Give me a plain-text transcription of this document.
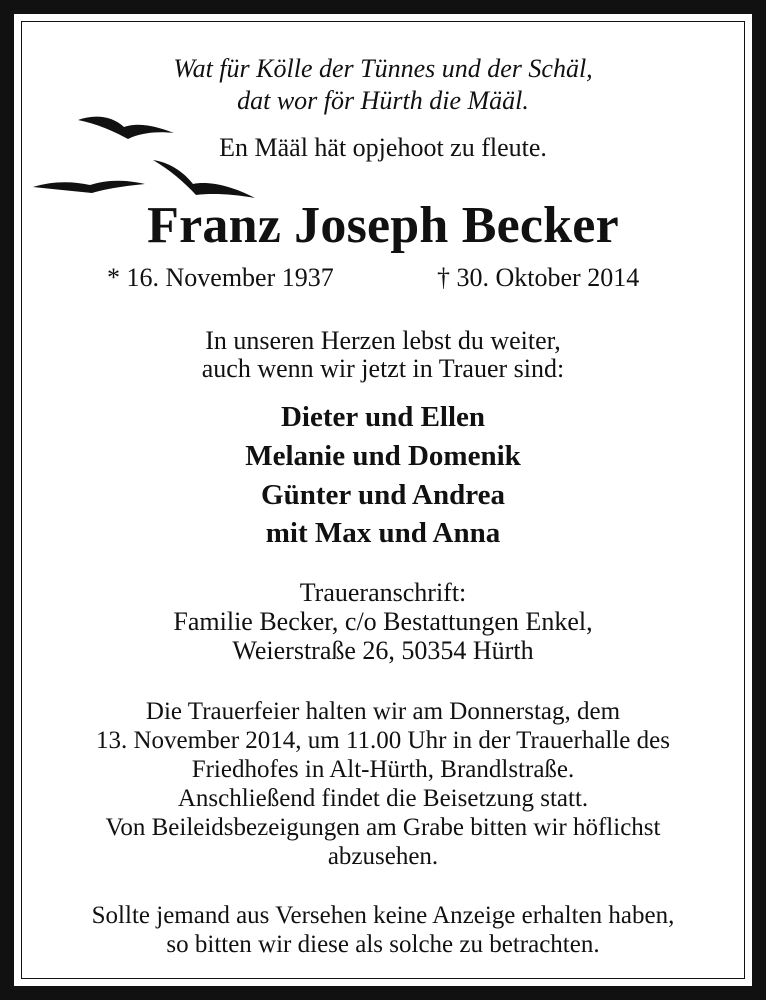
Wat für Kölle der Tünnes und der Schäl,
dat wor för Hürth die Määl.
En Määl hät opjehoot zu fleute.
Franz Joseph Becker
* 16. November 1937	† 30. Oktober 2014
In unseren Herzen lebst du weiter,
auch wenn wir jetzt in Trauer sind:
Dieter und Ellen
Melanie und Domenik
Günter und Andrea
mit Max und Anna
Traueranschrift:
Familie Becker, c/o Bestattungen Enkel,
Weierstraße 26, 50354 Hürth
Die Trauerfeier halten wir am Donnerstag, dem
13. November 2014, um 11.00 Uhr in der Trauerhalle des
Friedhofes in Alt-Hürth, Brandlstraße.
Anschließend findet die Beisetzung statt.
Von Beileidsbezeigungen am Grabe bitten wir höflichst
abzusehen.
Sollte jemand aus Versehen keine Anzeige erhalten haben,
so bitten wir diese als solche zu betrachten.
